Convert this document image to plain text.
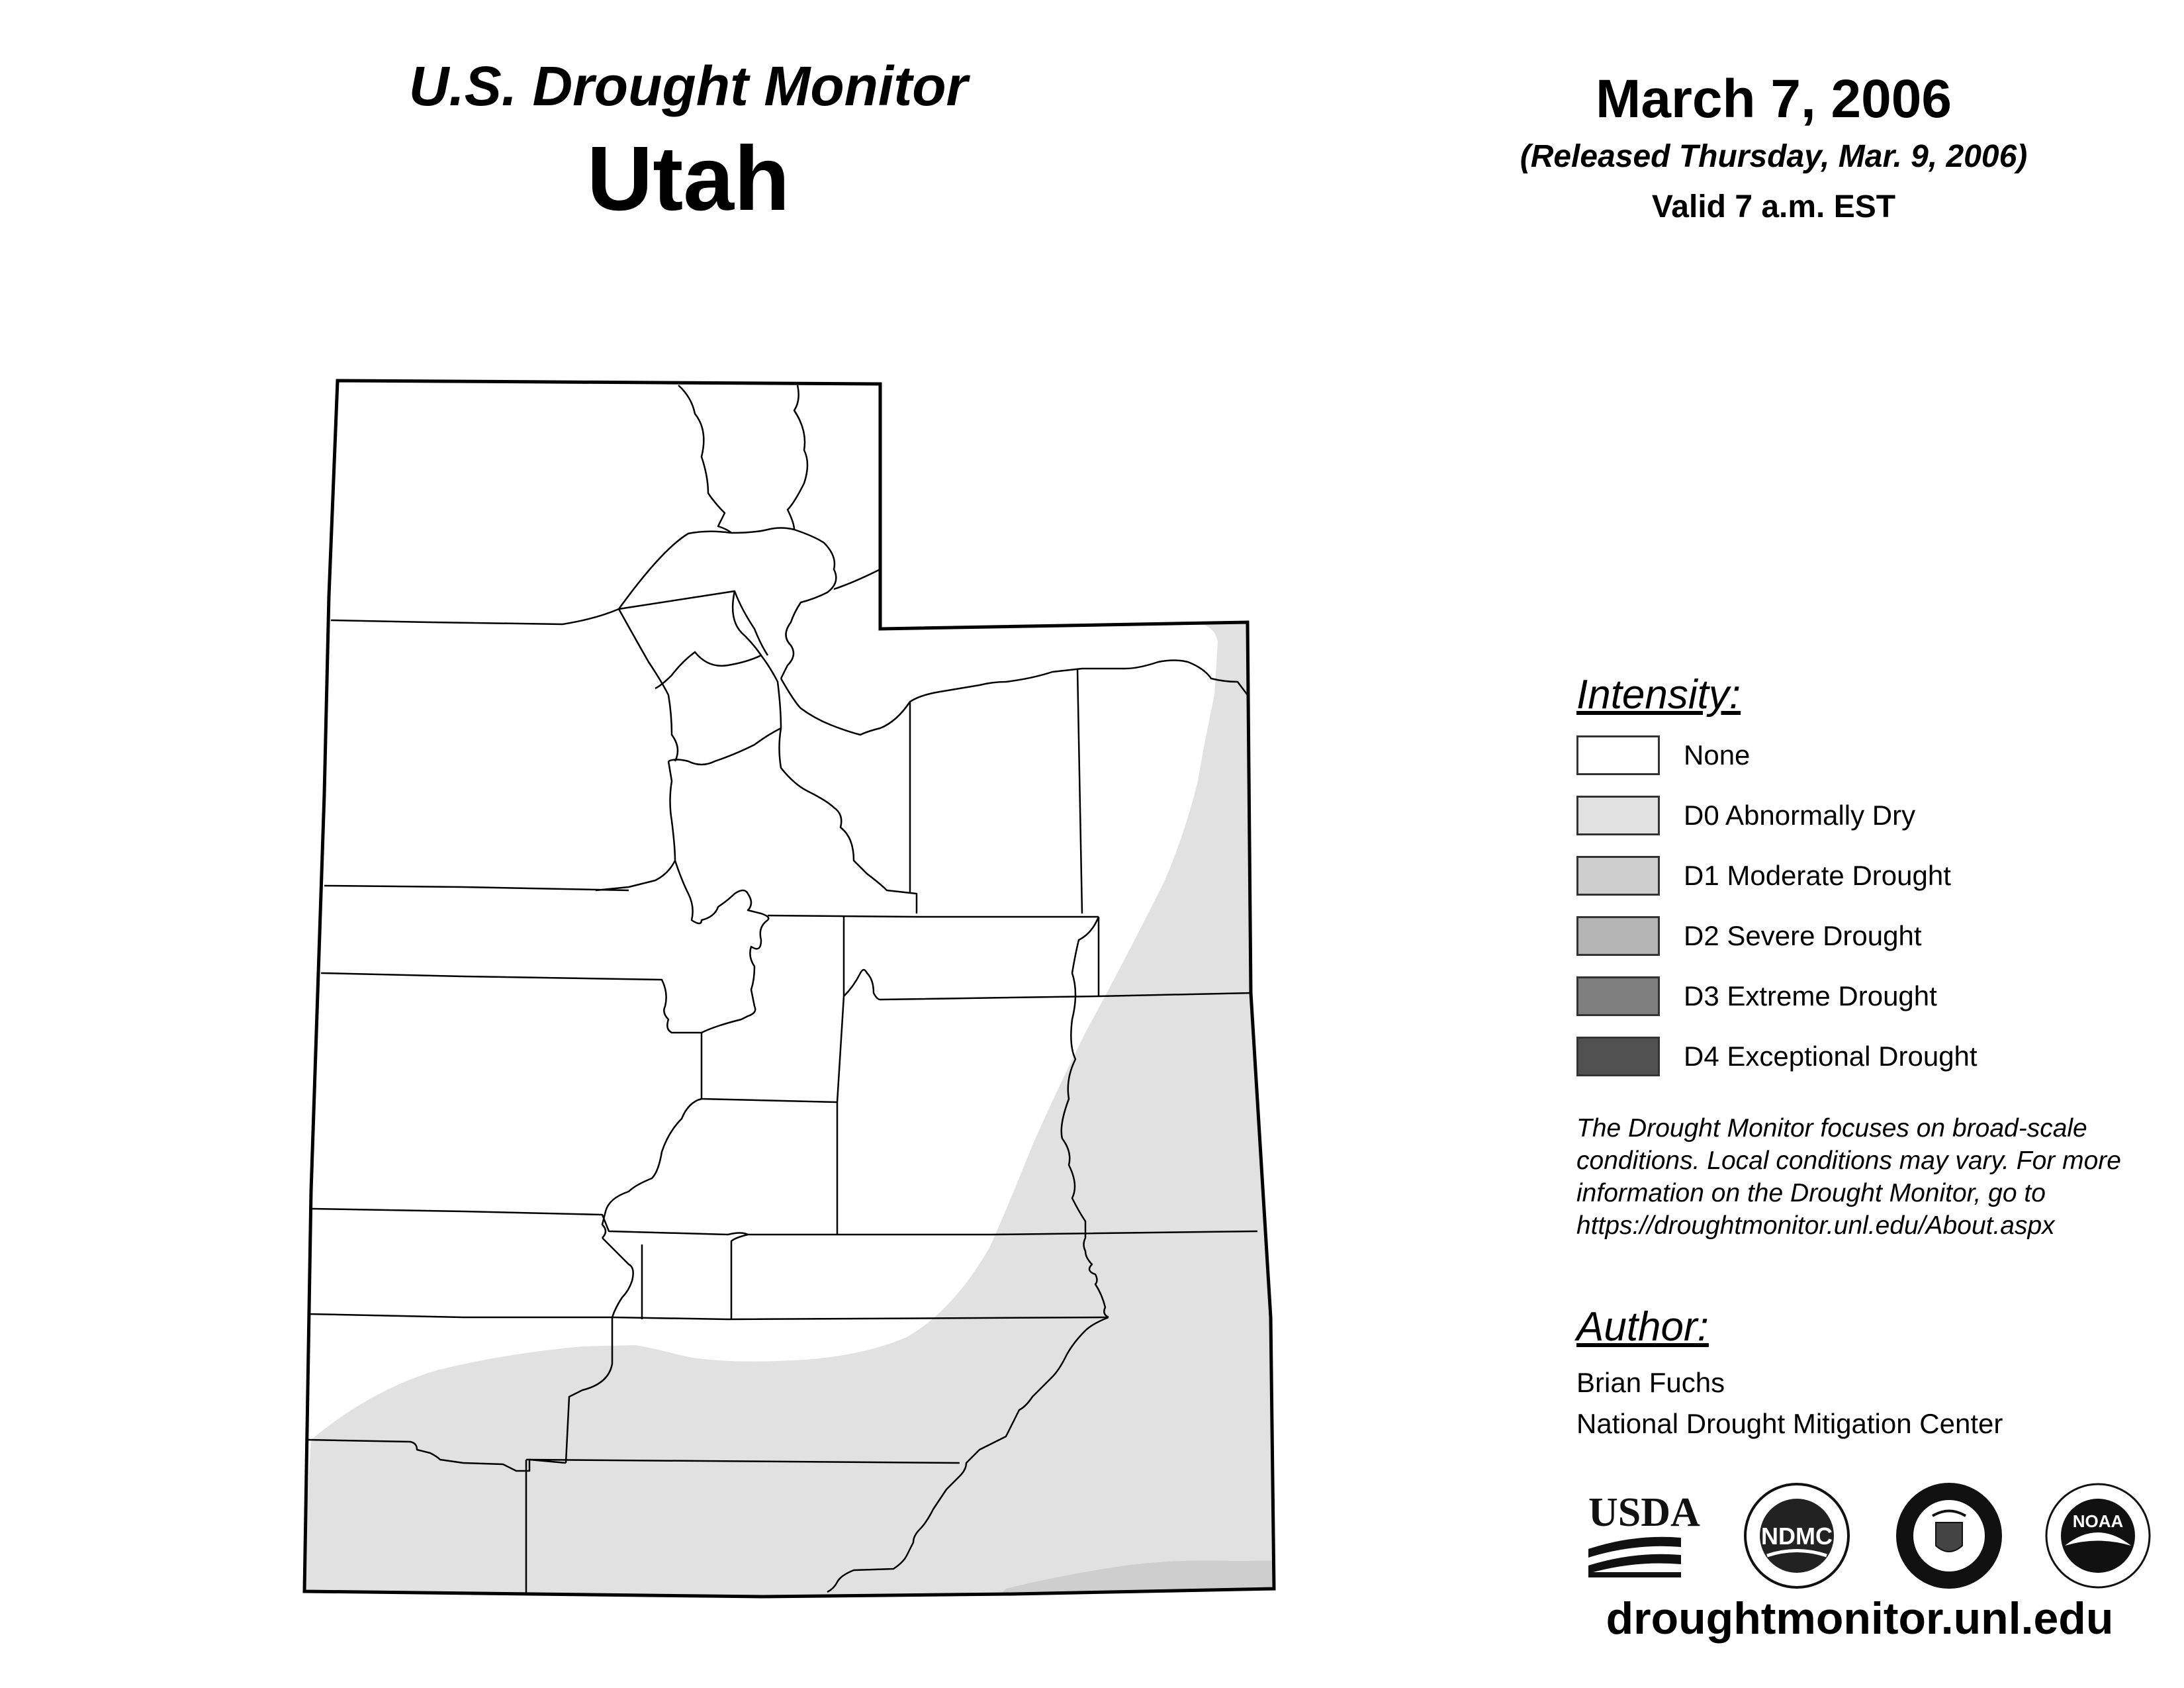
U.S. Drought Monitor
Utah
March 7, 2006
(Released Thursday, Mar. 9, 2006)
Valid 7 a.m. EST
Intensity:
None
D0 Abnormally Dry
D1 Moderate Drought
D2 Severe Drought
D3 Extreme Drought
D4 Exceptional Drought
The Drought Monitor focuses on broad-scale
conditions. Local conditions may vary. For more
information on the Drought Monitor, go to
https://droughtmonitor.unl.edu/About.aspx
Author:
Brian Fuchs
National Drought Mitigation Center
USDA
NDMC
NOAA
droughtmonitor.unl.edu
